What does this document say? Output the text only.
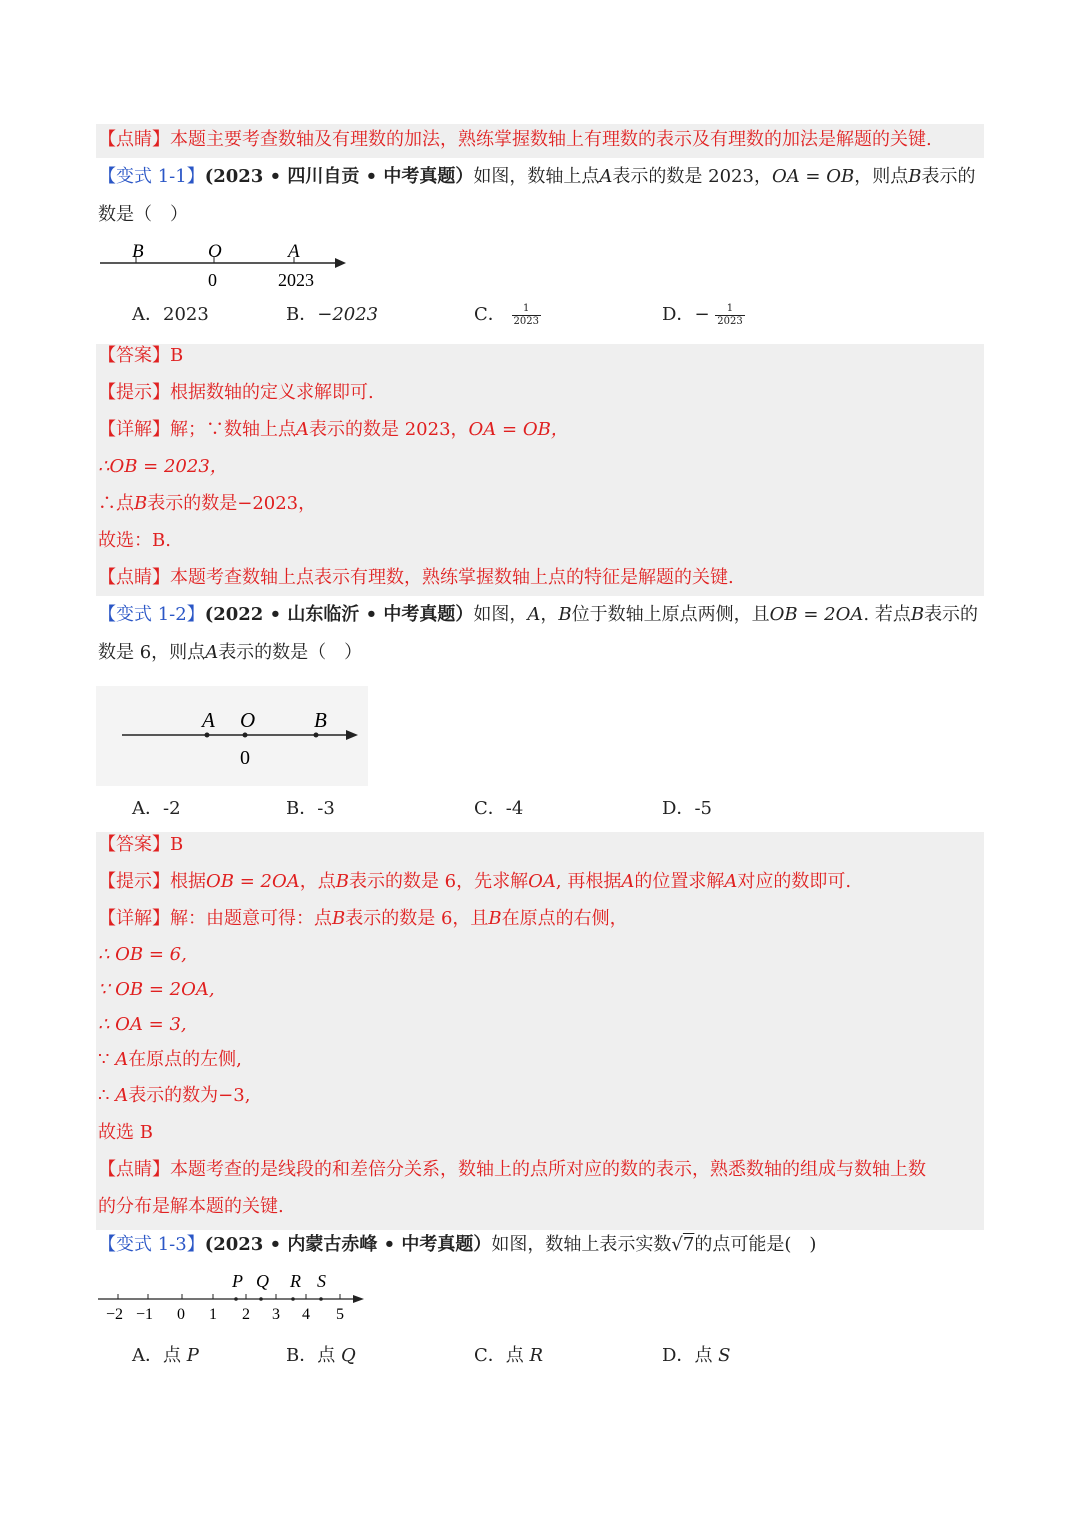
【点睛】本题主要考查数轴及有理数的加法，熟练掌握数轴上有理数的表示及有理数的加法是解题的关键.
【变式 1-1】(2023 • 四川自贡 • 中考真题）如图，数轴上点A表示的数是 2023，OA = OB，则点B表示的
数是（　）
B	O	A
0	2023
A．2023	B．−2023	C． $\frac{1}{2023}$	D．− $\frac{1}{2023}$
【答案】B
【提示】根据数轴的定义求解即可.
【详解】解；∵数轴上点A表示的数是 2023，OA = OB，
∴OB = 2023，
∴点B表示的数是−2023，
故选：B.
【点睛】本题考查数轴上点表示有理数，熟练掌握数轴上点的特征是解题的关键.
【变式 1-2】(2022 • 山东临沂 • 中考真题）如图，A，B位于数轴上原点两侧，且OB = 2OA. 若点B表示的
数是 6，则点A表示的数是（　）
A O	B
0
A．-2	B．-3	C．-4	D．-5
【答案】B
【提示】根据OB = 2OA，点B表示的数是 6，先求解OA, 再根据A的位置求解A对应的数即可.
【详解】解：由题意可得：点B表示的数是 6，且B在原点的右侧，
∴ OB = 6,
∵ OB = 2OA,
∴ OA = 3,
∵ A在原点的左侧,
∴ A表示的数为−3,
故选 B
【点睛】本题考查的是线段的和差倍分关系，数轴上的点所对应的数的表示，熟悉数轴的组成与数轴上数
的分布是解本题的关键.
【变式 1-3】(2023 • 内蒙古赤峰 • 中考真题）如图，数轴上表示实数√7的点可能是(　)
P Q R S
−2 −1 0 1 2 3 4 5
A．点 P	B．点 Q	C．点 R	D．点 S
